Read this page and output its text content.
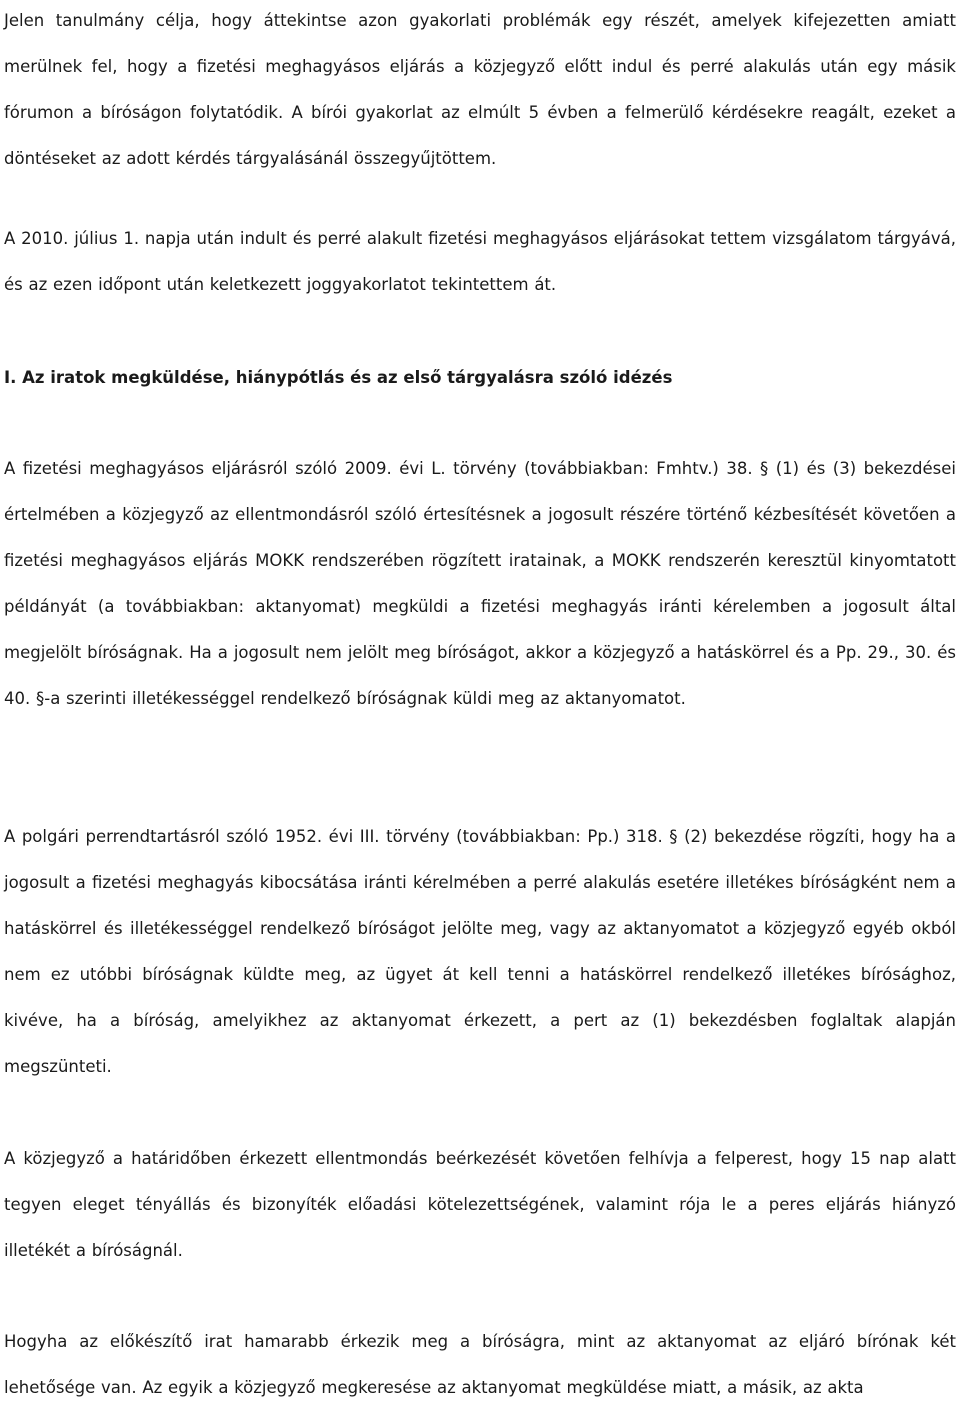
Jelen tanulmány célja, hogy áttekintse azon gyakorlati problémák egy részét, amelyek kifejezetten amiatt merülnek fel, hogy a fizetési meghagyásos eljárás a közjegyző előtt indul és perré alakulás után egy másik fórumon a bíróságon folytatódik. A bírói gyakorlat az elmúlt 5 évben a felmerülő kérdésekre reagált, ezeket a döntéseket az adott kérdés tárgyalásánál összegyűjtöttem.

A 2010. július 1. napja után indult és perré alakult fizetési meghagyásos eljárásokat tettem vizsgálatom tárgyává, és az ezen időpont után keletkezett joggyakorlatot tekintettem át.

I. Az iratok megküldése, hiánypótlás és az első tárgyalásra szóló idézés

A fizetési meghagyásos eljárásról szóló 2009. évi L. törvény (továbbiakban: Fmhtv.) 38. § (1) és (3) bekezdései értelmében a közjegyző az ellentmondásról szóló értesítésnek a jogosult részére történő kézbesítését követően a fizetési meghagyásos eljárás MOKK rendszerében rögzített iratainak, a MOKK rendszerén keresztül kinyomtatott példányát (a továbbiakban: aktanyomat) megküldi a fizetési meghagyás iránti kérelemben a jogosult által megjelölt bíróságnak. Ha a jogosult nem jelölt meg bíróságot, akkor a közjegyző a hatáskörrel és a Pp. 29., 30. és 40. §-a szerinti illetékességgel rendelkező bíróságnak küldi meg az aktanyomatot.

A polgári perrendtartásról szóló 1952. évi III. törvény (továbbiakban: Pp.) 318. § (2) bekezdése rögzíti, hogy ha a jogosult a fizetési meghagyás kibocsátása iránti kérelmében a perré alakulás esetére illetékes bíróságként nem a hatáskörrel és illetékességgel rendelkező bíróságot jelölte meg, vagy az aktanyomatot a közjegyző egyéb okból nem ez utóbbi bíróságnak küldte meg, az ügyet át kell tenni a hatáskörrel rendelkező illetékes bírósághoz, kivéve, ha a bíróság, amelyikhez az aktanyomat érkezett, a pert az (1) bekezdésben foglaltak alapján megszünteti.

A közjegyző a határidőben érkezett ellentmondás beérkezését követően felhívja a felperest, hogy 15 nap alatt tegyen eleget tényállás és bizonyíték előadási kötelezettségének, valamint rója le a peres eljárás hiányzó illetékét a bíróságnál.

Hogyha az előkészítő irat hamarabb érkezik meg a bíróságra, mint az aktanyomat az eljáró bírónak két lehetősége van. Az egyik a közjegyző megkeresése az aktanyomat megküldése miatt, a másik, az akta
